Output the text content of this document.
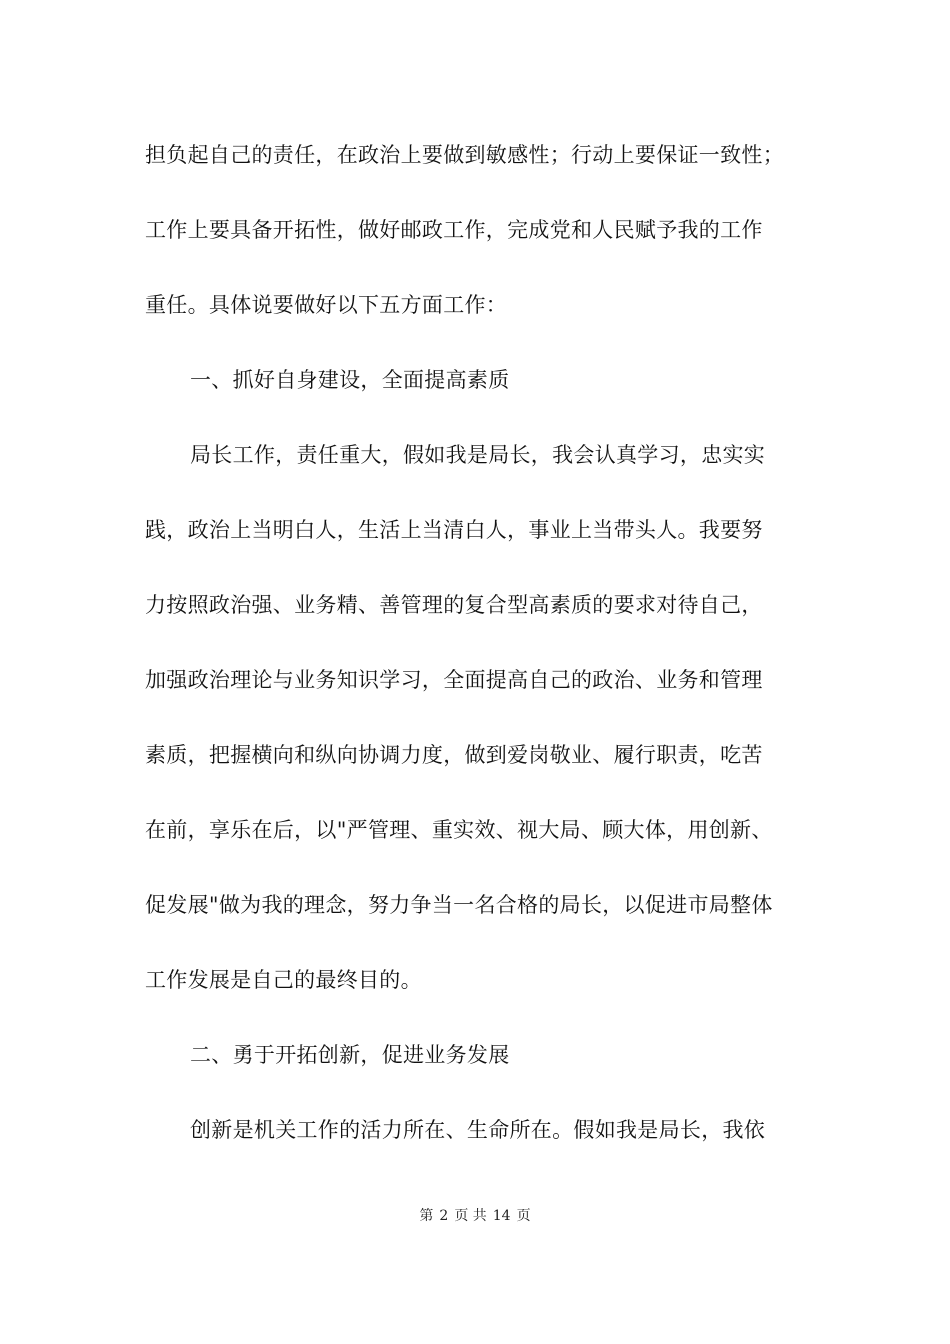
担负起自己的责任，在政治上要做到敏感性；行动上要保证一致性；
工作上要具备开拓性，做好邮政工作，完成党和人民赋予我的工作
重任。具体说要做好以下五方面工作：
一、抓好自身建设，全面提高素质
局长工作，责任重大，假如我是局长，我会认真学习，忠实实
践，政治上当明白人，生活上当清白人，事业上当带头人。我要努
力按照政治强、业务精、善管理的复合型高素质的要求对待自己，
加强政治理论与业务知识学习，全面提高自己的政治、业务和管理
素质，把握横向和纵向协调力度，做到爱岗敬业、履行职责，吃苦
在前，享乐在后，以"严管理、重实效、视大局、顾大体，用创新、
促发展"做为我的理念，努力争当一名合格的局长，以促进市局整体
工作发展是自己的最终目的。
二、勇于开拓创新，促进业务发展
创新是机关工作的活力所在、生命所在。假如我是局长，我依
第 2 页 共 14 页
